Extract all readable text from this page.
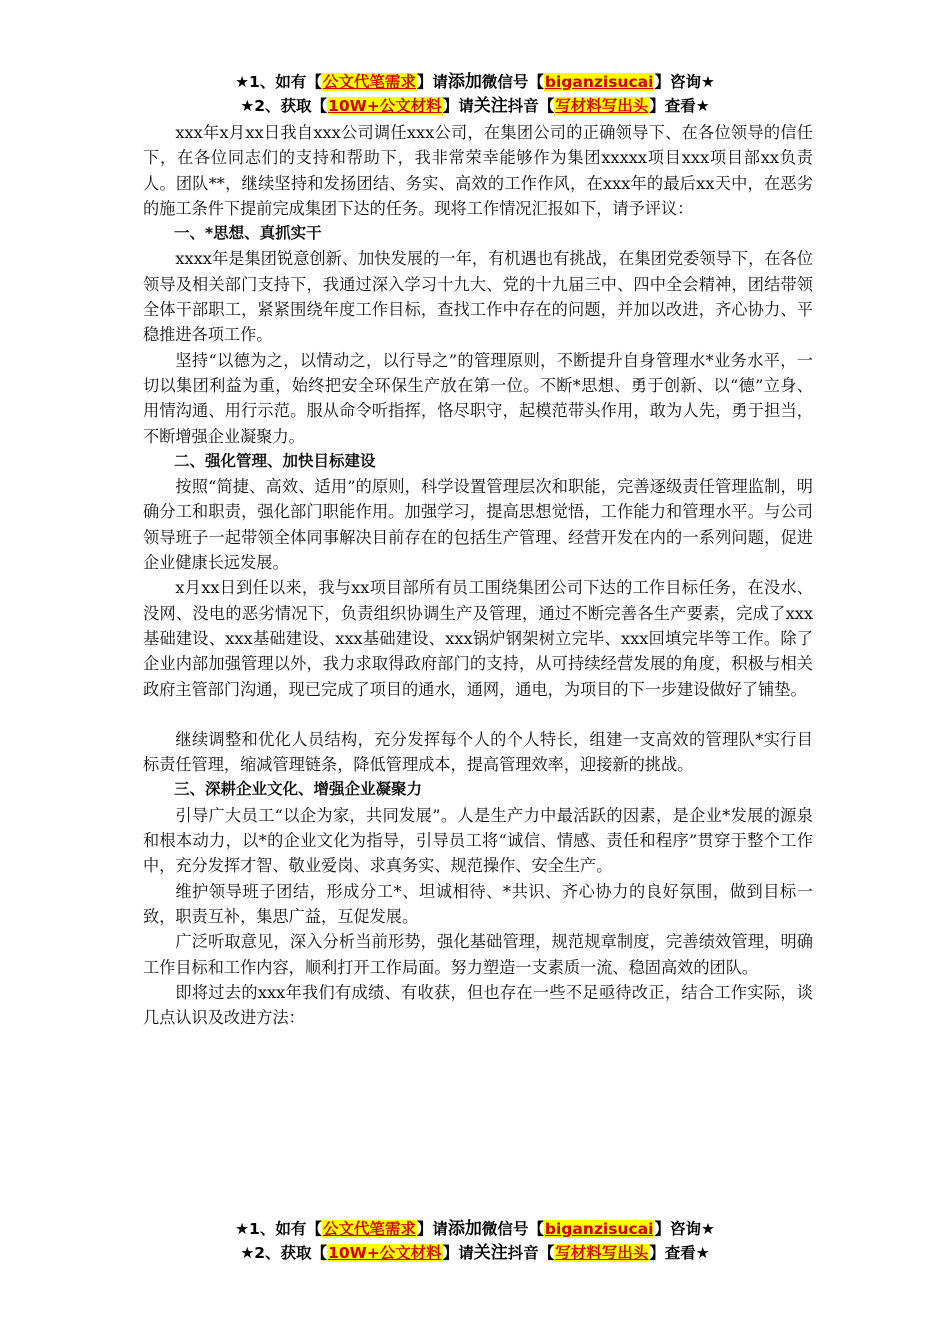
★1、如有【公文代笔需求】请添加微信号【biganzisucai】咨询★
★2、获取【10W+公文材料】请关注抖音【写材料写出头】查看★

xxx年x月xx日我自xxx公司调任xxx公司，在集团公司的正确领导下、在各位领导的信任下，在各位同志们的支持和帮助下，我非常荣幸能够作为集团xxxxx项目xxx项目部xx负责人。团队**，继续坚持和发扬团结、务实、高效的工作作风，在xxx年的最后xx天中，在恶劣的施工条件下提前完成集团下达的任务。现将工作情况汇报如下，请予评议：

一、*思想、真抓实干

xxxx年是集团锐意创新、加快发展的一年，有机遇也有挑战，在集团党委领导下，在各位领导及相关部门支持下，我通过深入学习十九大、党的十九届三中、四中全会精神，团结带领全体干部职工，紧紧围绕年度工作目标，查找工作中存在的问题，并加以改进，齐心协力、平稳推进各项工作。

坚持“以德为之，以情动之，以行导之”的管理原则，不断提升自身管理水*业务水平，一切以集团利益为重，始终把安全环保生产放在第一位。不断*思想、勇于创新、以“德”立身、用情沟通、用行示范。服从命令听指挥，恪尽职守，起模范带头作用，敢为人先，勇于担当，不断增强企业凝聚力。

二、强化管理、加快目标建设

按照“简捷、高效、适用”的原则，科学设置管理层次和职能，完善逐级责任管理监制，明确分工和职责，强化部门职能作用。加强学习，提高思想觉悟，工作能力和管理水平。与公司领导班子一起带领全体同事解决目前存在的包括生产管理、经营开发在内的一系列问题，促进企业健康长远发展。

x月xx日到任以来，我与xx项目部所有员工围绕集团公司下达的工作目标任务，在没水、没网、没电的恶劣情况下，负责组织协调生产及管理，通过不断完善各生产要素，完成了xxx基础建设、xxx基础建设、xxx基础建设、xxx锅炉钢架树立完毕、xxx回填完毕等工作。除了企业内部加强管理以外，我力求取得政府部门的支持，从可持续经营发展的角度，积极与相关政府主管部门沟通，现已完成了项目的通水，通网，通电，为项目的下一步建设做好了铺垫。

继续调整和优化人员结构，充分发挥每个人的个人特长，组建一支高效的管理队*实行目标责任管理，缩减管理链条，降低管理成本，提高管理效率，迎接新的挑战。

三、深耕企业文化、增强企业凝聚力

引导广大员工“以企为家，共同发展”。人是生产力中最活跃的因素，是企业*发展的源泉和根本动力，以*的企业文化为指导，引导员工将“诚信、情感、责任和程序”贯穿于整个工作中，充分发挥才智、敬业爱岗、求真务实、规范操作、安全生产。

维护领导班子团结，形成分工*、坦诚相待、*共识、齐心协力的良好氛围，做到目标一致，职责互补，集思广益，互促发展。

广泛听取意见，深入分析当前形势，强化基础管理，规范规章制度，完善绩效管理，明确工作目标和工作内容，顺利打开工作局面。努力塑造一支素质一流、稳固高效的团队。

即将过去的xxx年我们有成绩、有收获，但也存在一些不足亟待改正，结合工作实际，谈几点认识及改进方法：

★1、如有【公文代笔需求】请添加微信号【biganzisucai】咨询★
★2、获取【10W+公文材料】请关注抖音【写材料写出头】查看★
